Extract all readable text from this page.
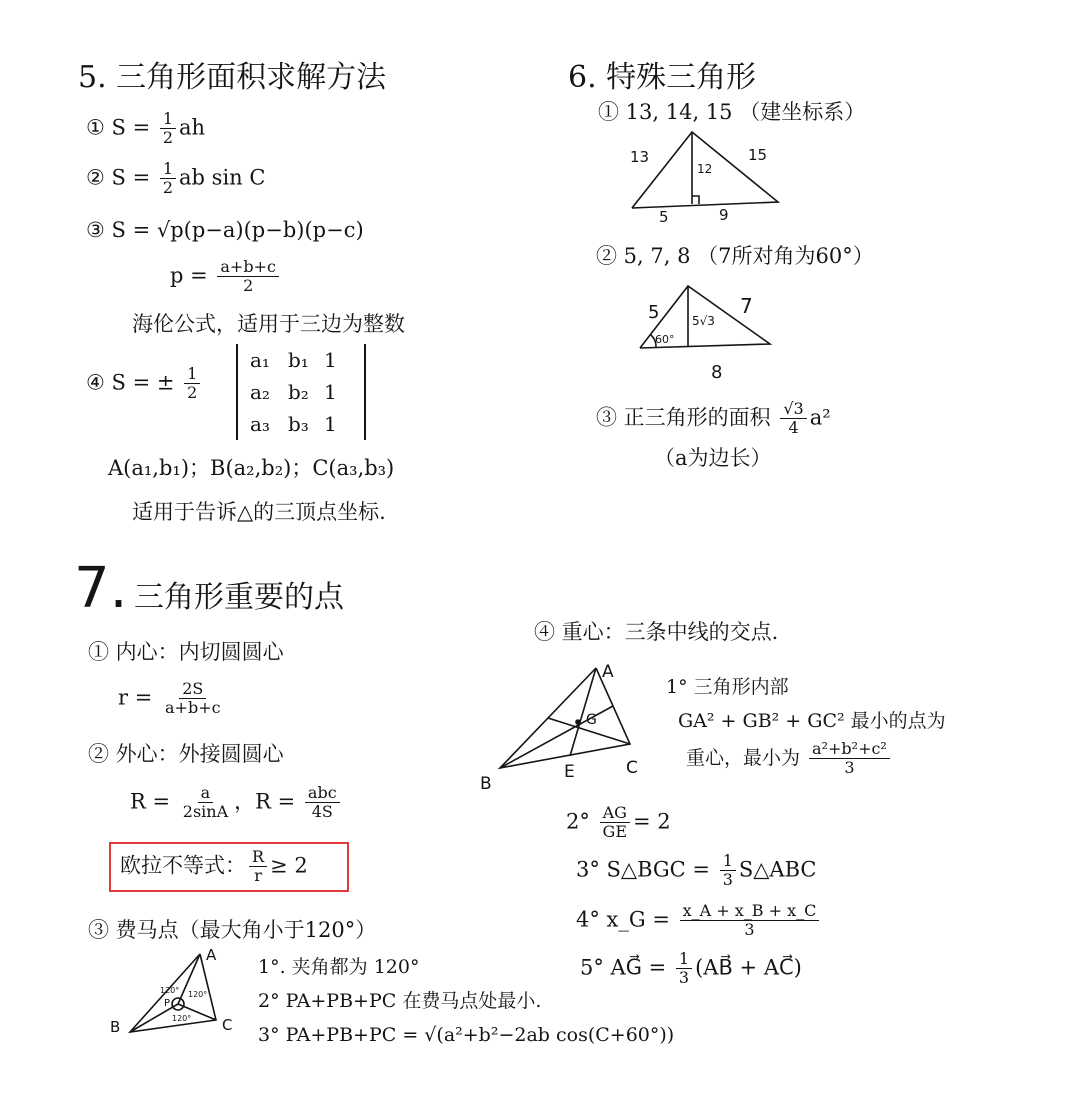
5. 三角形面积求解方法
① $S = \frac{1}{2}$ ah
② $S = \frac{1}{2}$ ab sin C
③ S = √p(p−a)(p−b)(p−c)
$p = \frac{a+b+c}{2}$
海伦公式，适用于三边为整数
④ S = ± $\frac{1}{2}$
a₁ b₁ 1
a₂ b₂ 1
a₃ b₃ 1
A(a₁,b₁)；B(a₂,b₂)；C(a₃,b₃)
适用于告诉△的三顶点坐标.
6. 特殊三角形
① 13, 14, 15 （建坐标系）
13	15
12
5	9
② 5, 7, 8 （7所对角为60°）
5	7
5√3
60°
8
③ 正三角形的面积 $\frac{√3}{4} a^2$
（a为边长）
7. 三角形重要的点
① 内心：内切圆圆心
$r = \frac{2S}{a+b+c}$
② 外心：外接圆圆心
$R = \frac{a}{2\sin A}$ ，$R = \frac{\text{abc}}{4S}$
欧拉不等式： $\frac{R}{r} \ge 2$
③ 费马点（最大角小于120°）
A
B	C
P
120° 120°
120°
1°. 夹角都为 120°
2° PA+PB+PC 在费马点处最小.
3° PA+PB+PC = √(a²+b²−2ab cos(C+60°))
④ 重心：三条中线的交点.
A
G
B
E	C
1° 三角形内部
GA² + GB² + GC² 最小的点为
重心，最小为 $\frac{\text{a²+b²+c²}}{3}$
$2^\circ \frac{AG}{GE} = 2$
3° S△BGC = $\frac{1}{3}$ S△ABC
4° x_G = $\frac{x\_A + x\_B + x\_C}{3}$
5° AG⃗ = $\frac{1}{3}$ (AB⃗ + AC⃗)
